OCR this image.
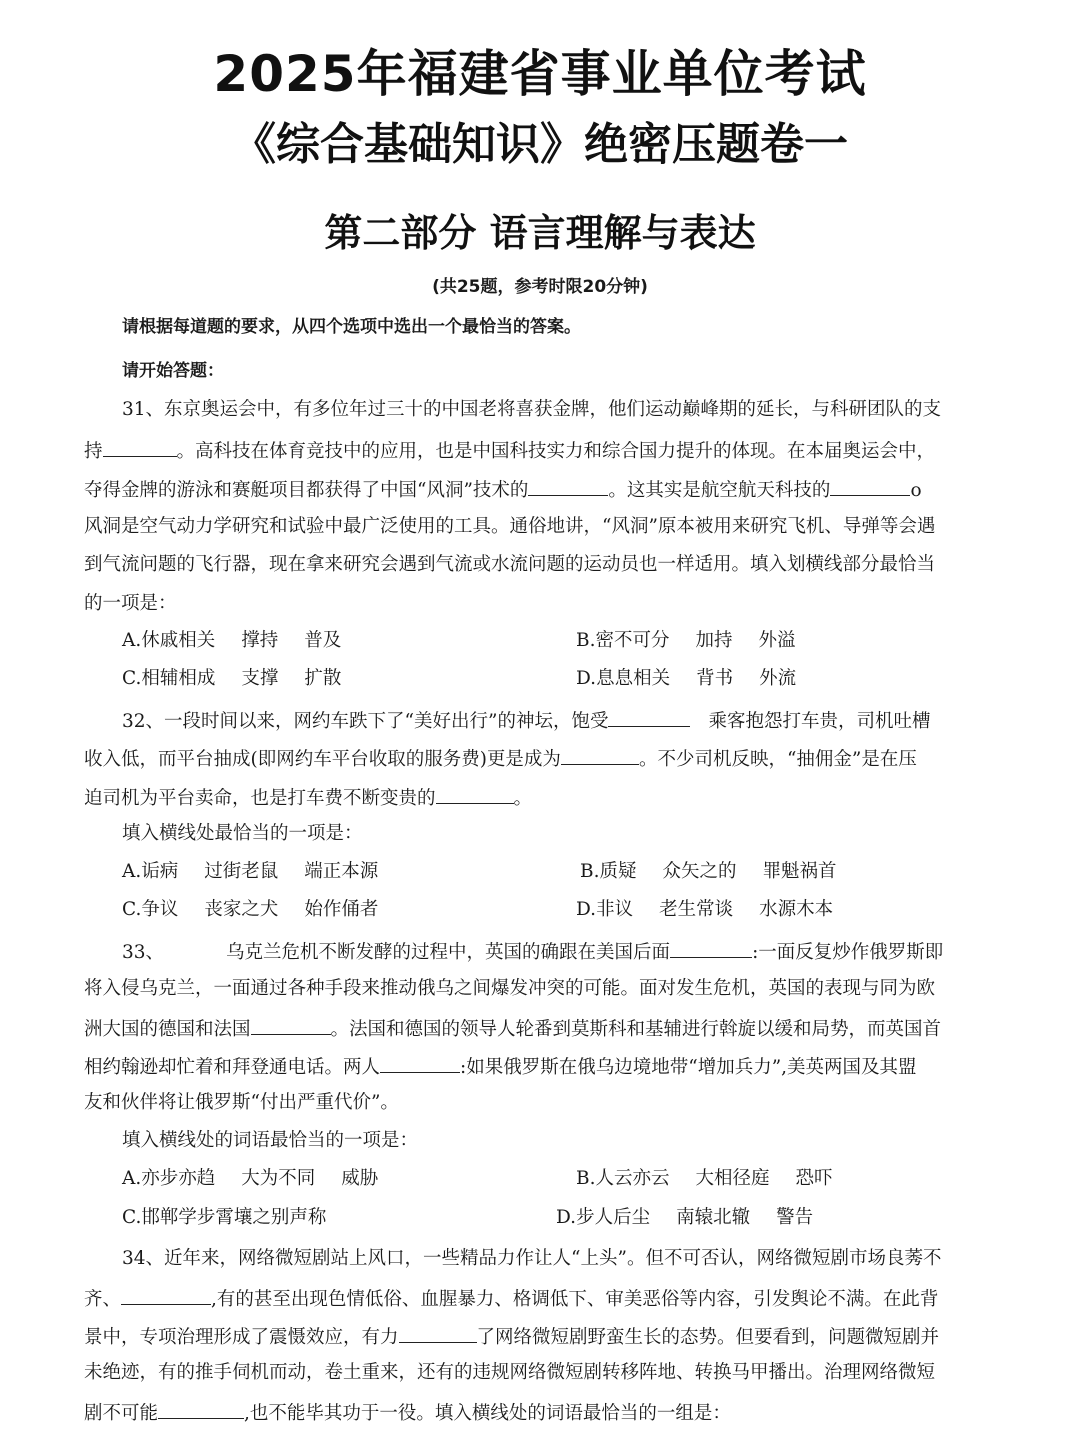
2025年福建省事业单位考试
《综合基础知识》绝密压题卷一
第二部分 语言理解与表达
(共25题，参考时限20分钟)
请根据每道题的要求，从四个选项中选出一个最恰当的答案。
请开始答题：
31、东京奥运会中，有多位年过三十的中国老将喜获金牌，他们运动巅峰期的延长，与科研团队的支
持	。高科技在体育竞技中的应用，也是中国科技实力和综合国力提升的体现。在本届奥运会中，
夺得金牌的游泳和赛艇项目都获得了中国“风洞”技术的	。这其实是航空航天科技的	o
风洞是空气动力学研究和试验中最广泛使用的工具。通俗地讲，“风洞”原本被用来研究飞机、导弹等会遇
到气流问题的飞行器，现在拿来研究会遇到气流或水流问题的运动员也一样适用。填入划横线部分最恰当
的一项是：
A.休戚相关 撑持 普及	B.密不可分 加持 外溢
C.相辅相成 支撑 扩散	D.息息相关 背书 外流
32、一段时间以来，网约车跌下了“美好出行”的神坛，饱受	乘客抱怨打车贵，司机吐槽
收入低，而平台抽成(即网约车平台收取的服务费)更是成为	。不少司机反映，“抽佣金”是在压
迫司机为平台卖命，也是打车费不断变贵的	。
填入横线处最恰当的一项是：
A.诟病 过街老鼠 端正本源	B.质疑 众矢之的 罪魁祸首
C.争议 丧家之犬 始作俑者	D.非议 老生常谈 水源木本
33、	乌克兰危机不断发酵的过程中，英国的确跟在美国后面	:一面反复炒作俄罗斯即
将入侵乌克兰，一面通过各种手段来推动俄乌之间爆发冲突的可能。面对发生危机，英国的表现与同为欧
洲大国的德国和法国	。法国和德国的领导人轮番到莫斯科和基辅进行斡旋以缓和局势，而英国首
相约翰逊却忙着和拜登通电话。两人	:如果俄罗斯在俄乌边境地带“增加兵力”,美英两国及其盟
友和伙伴将让俄罗斯“付出严重代价”。
填入横线处的词语最恰当的一项是：
A.亦步亦趋 大为不同 威胁	B.人云亦云 大相径庭 恐吓
C.邯郸学步霄壤之别声称	D.步人后尘 南辕北辙 警告
34、近年来，网络微短剧站上风口，一些精品力作让人“上头”。但不可否认，网络微短剧市场良莠不
齐、	,有的甚至出现色情低俗、血腥暴力、格调低下、审美恶俗等内容，引发舆论不满。在此背
景中，专项治理形成了震慑效应，有力	了网络微短剧野蛮生长的态势。但要看到，问题微短剧并
未绝迹，有的推手伺机而动，卷土重来，还有的违规网络微短剧转移阵地、转换马甲播出。治理网络微短
剧不可能	,也不能毕其功于一役。填入横线处的词语最恰当的一组是：
